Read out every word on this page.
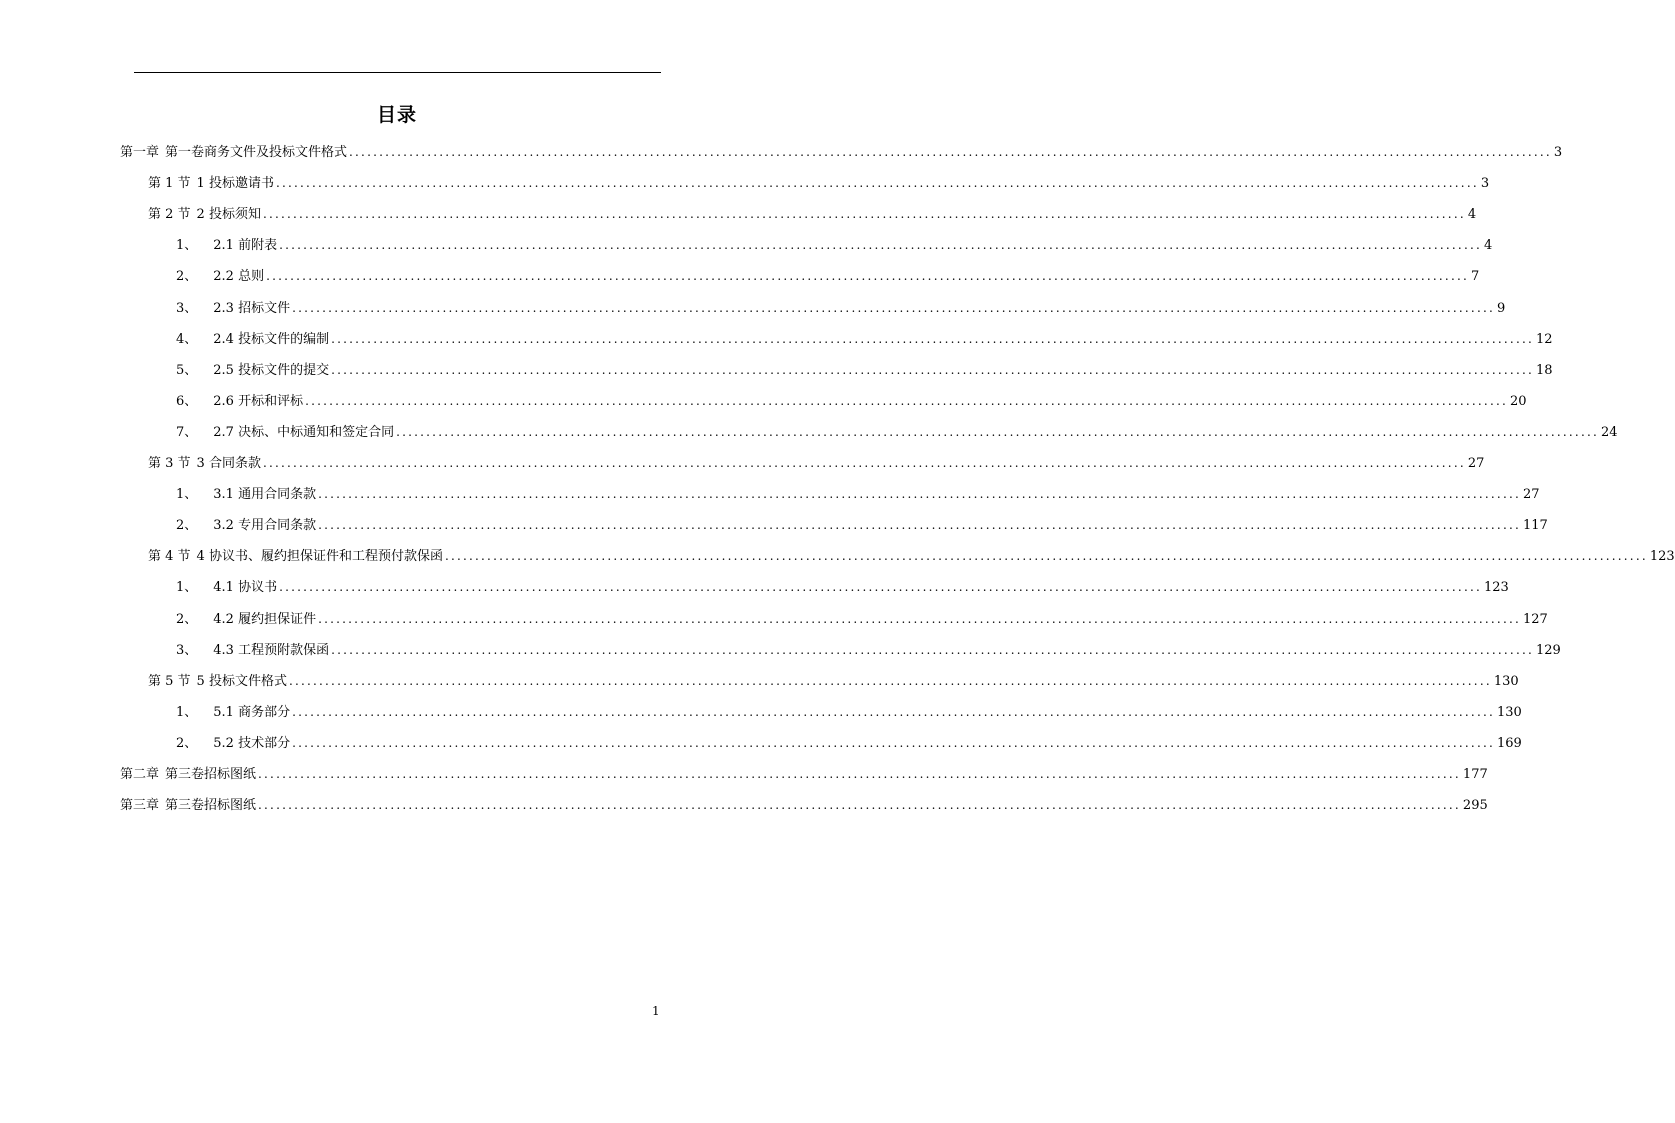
目录
第一章 第一卷商务文件及投标文件格式 ........................................................................................................................................................................................................ 3
第 1 节 1 投标邀请书 ........................................................................................................................................................................................................ 3
第 2 节 2 投标须知 ........................................................................................................................................................................................................ 4
1、 2.1 前附表 ........................................................................................................................................................................................................ 4
2、 2.2 总则 ........................................................................................................................................................................................................ 7
3、 2.3 招标文件 ........................................................................................................................................................................................................ 9
4、 2.4 投标文件的编制 ........................................................................................................................................................................................................ 12
5、 2.5 投标文件的提交 ........................................................................................................................................................................................................ 18
6、 2.6 开标和评标 ........................................................................................................................................................................................................ 20
7、 2.7 决标、中标通知和签定合同 ........................................................................................................................................................................................................ 24
第 3 节 3 合同条款 ........................................................................................................................................................................................................ 27
1、 3.1 通用合同条款 ........................................................................................................................................................................................................ 27
2、 3.2 专用合同条款 ........................................................................................................................................................................................................ 117
第 4 节 4 协议书、履约担保证件和工程预付款保函 ........................................................................................................................................................................................................ 123
1、 4.1 协议书 ........................................................................................................................................................................................................ 123
2、 4.2 履约担保证件 ........................................................................................................................................................................................................ 127
3、 4.3 工程预附款保函 ........................................................................................................................................................................................................ 129
第 5 节 5 投标文件格式 ........................................................................................................................................................................................................ 130
1、 5.1 商务部分 ........................................................................................................................................................................................................ 130
2、 5.2 技术部分 ........................................................................................................................................................................................................ 169
第二章 第三卷招标图纸 ........................................................................................................................................................................................................ 177
第三章 第三卷招标图纸 ........................................................................................................................................................................................................ 295
1
